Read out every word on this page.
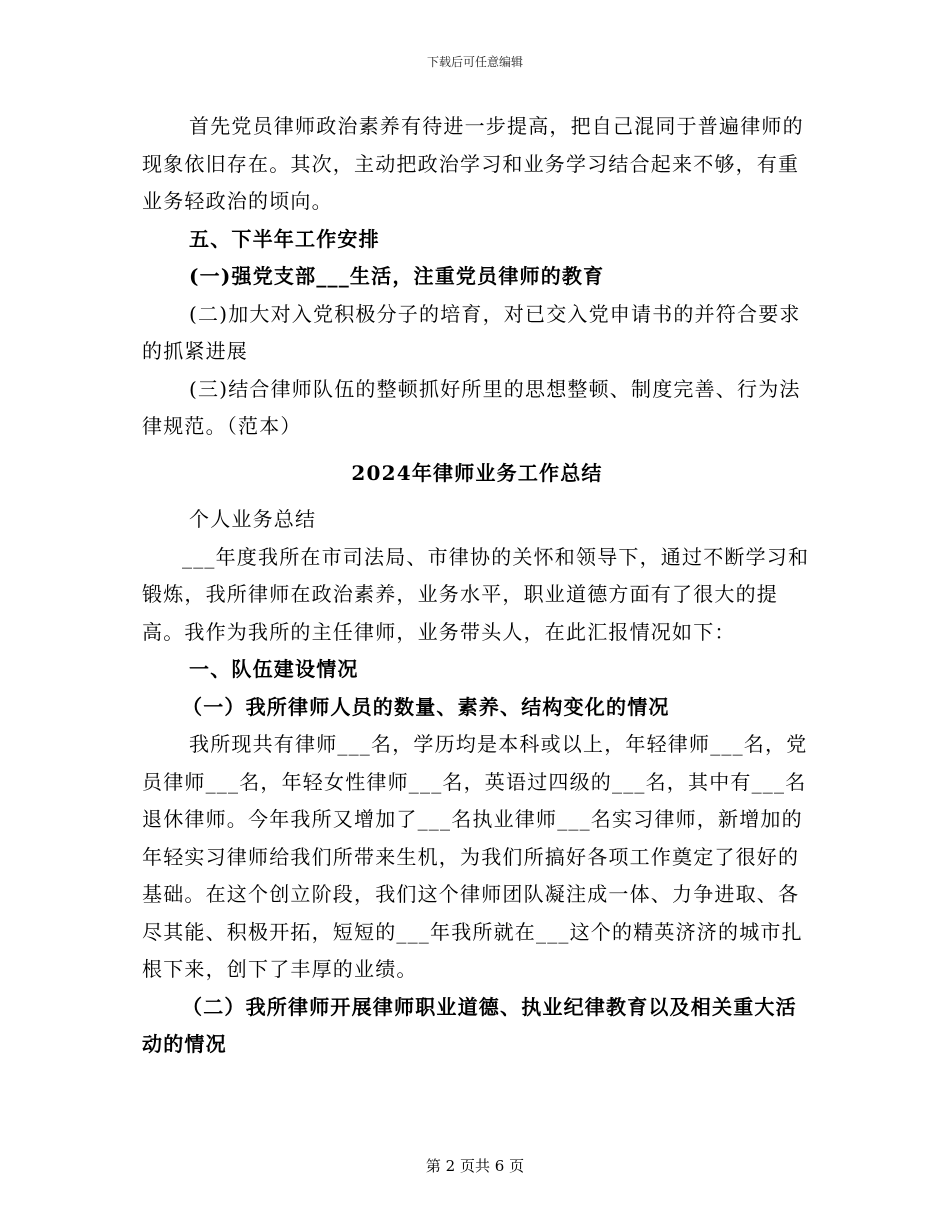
下载后可任意编辑

首先党员律师政治素养有待进一步提高，把自己混同于普遍律师的现象依旧存在。其次，主动把政治学习和业务学习结合起来不够，有重业务轻政治的顷向。

五、下半年工作安排

(一)强党支部___生活，注重党员律师的教育

(二)加大对入党积极分子的培育，对已交入党申请书的并符合要求的抓紧进展

(三)结合律师队伍的整顿抓好所里的思想整顿、制度完善、行为法律规范。（范本）

2024年律师业务工作总结

个人业务总结

___年度我所在市司法局、市律协的关怀和领导下，通过不断学习和锻炼，我所律师在政治素养，业务水平，职业道德方面有了很大的提高。我作为我所的主任律师，业务带头人，在此汇报情况如下：

一、队伍建设情况

（一）我所律师人员的数量、素养、结构变化的情况

我所现共有律师___名，学历均是本科或以上，年轻律师___名，党员律师___名，年轻女性律师___名，英语过四级的___名，其中有___名退休律师。今年我所又增加了___名执业律师___名实习律师，新增加的年轻实习律师给我们所带来生机，为我们所搞好各项工作奠定了很好的基础。在这个创立阶段，我们这个律师团队凝注成一体、力争进取、各尽其能、积极开拓，短短的___年我所就在___这个的精英济济的城市扎根下来，创下了丰厚的业绩。

（二）我所律师开展律师职业道德、执业纪律教育以及相关重大活动的情况

第 2 页共 6 页
